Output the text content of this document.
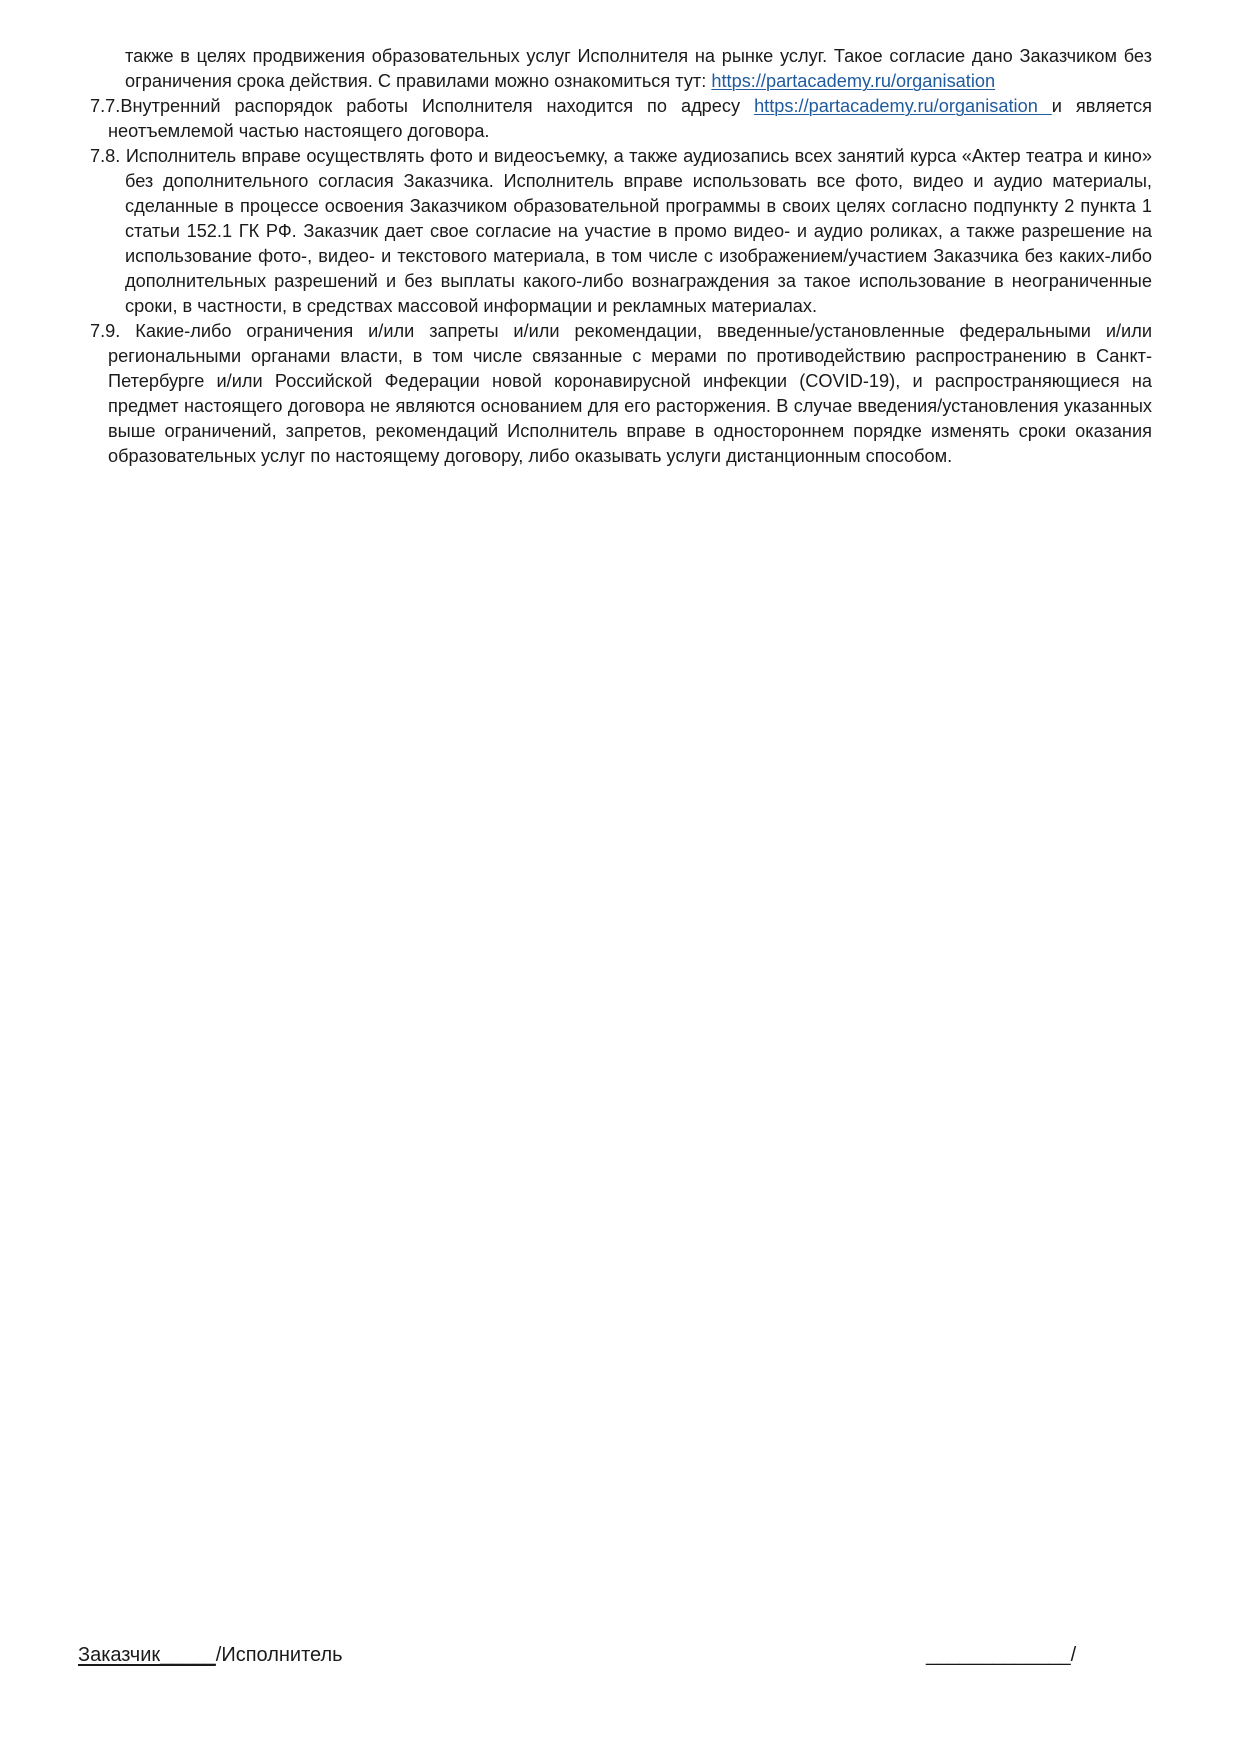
также в целях продвижения образовательных услуг Исполнителя на рынке услуг. Такое согласие дано Заказчиком без ограничения срока действия. С правилами можно ознакомиться тут: https://partacademy.ru/organisation

7.7.Внутренний распорядок работы Исполнителя находится по адресу https://partacademy.ru/organisation и является неотъемлемой частью настоящего договора.

7.8. Исполнитель вправе осуществлять фото и видеосъемку, а также аудиозапись всех занятий курса «Актер театра и кино» без дополнительного согласия Заказчика. Исполнитель вправе использовать все фото, видео и аудио материалы, сделанные в процессе освоения Заказчиком образовательной программы в своих целях согласно подпункту 2 пункта 1 статьи 152.1 ГК РФ. Заказчик дает свое согласие на участие в промо видео- и аудио роликах, а также разрешение на использование фото-, видео- и текстового материала, в том числе с изображением/участием Заказчика без каких-либо дополнительных разрешений и без выплаты какого-либо вознаграждения за такое использование в неограниченные сроки, в частности, в средствах массовой информации и рекламных материалах.

7.9. Какие-либо ограничения и/или запреты и/или рекомендации, введенные/установленные федеральными и/или региональными органами власти, в том числе связанные с мерами по противодействию распространению в Санкт-Петербурге и/или Российской Федерации новой коронавирусной инфекции (COVID-19), и распространяющиеся на предмет настоящего договора не являются основанием для его расторжения. В случае введения/установления указанных выше ограничений, запретов, рекомендаций Исполнитель вправе в одностороннем порядке изменять сроки оказания образовательных услуг по настоящему договору, либо оказывать услуги дистанционным способом.

Заказчик_____/Исполнитель	_____________/
